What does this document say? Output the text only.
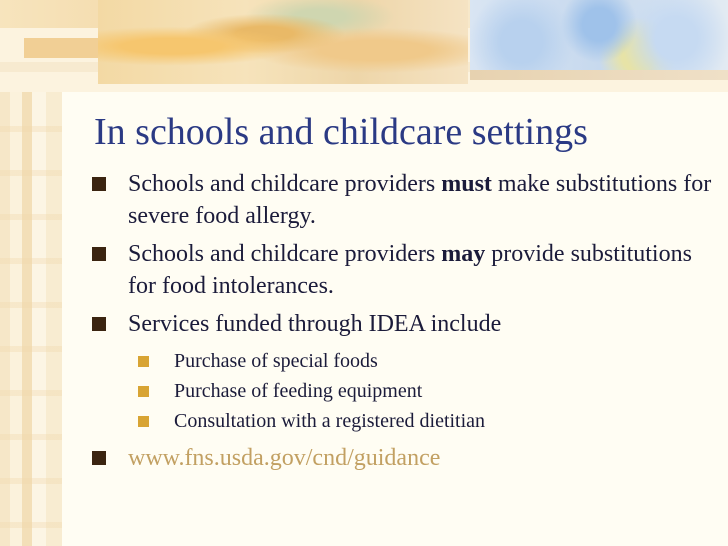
In schools and childcare settings
Schools and childcare providers must make substitutions for severe food allergy.
Schools and childcare providers may provide substitutions for food intolerances.
Services funded through IDEA include
Purchase of special foods
Purchase of feeding equipment
Consultation with a registered dietitian
www.fns.usda.gov/cnd/guidance
